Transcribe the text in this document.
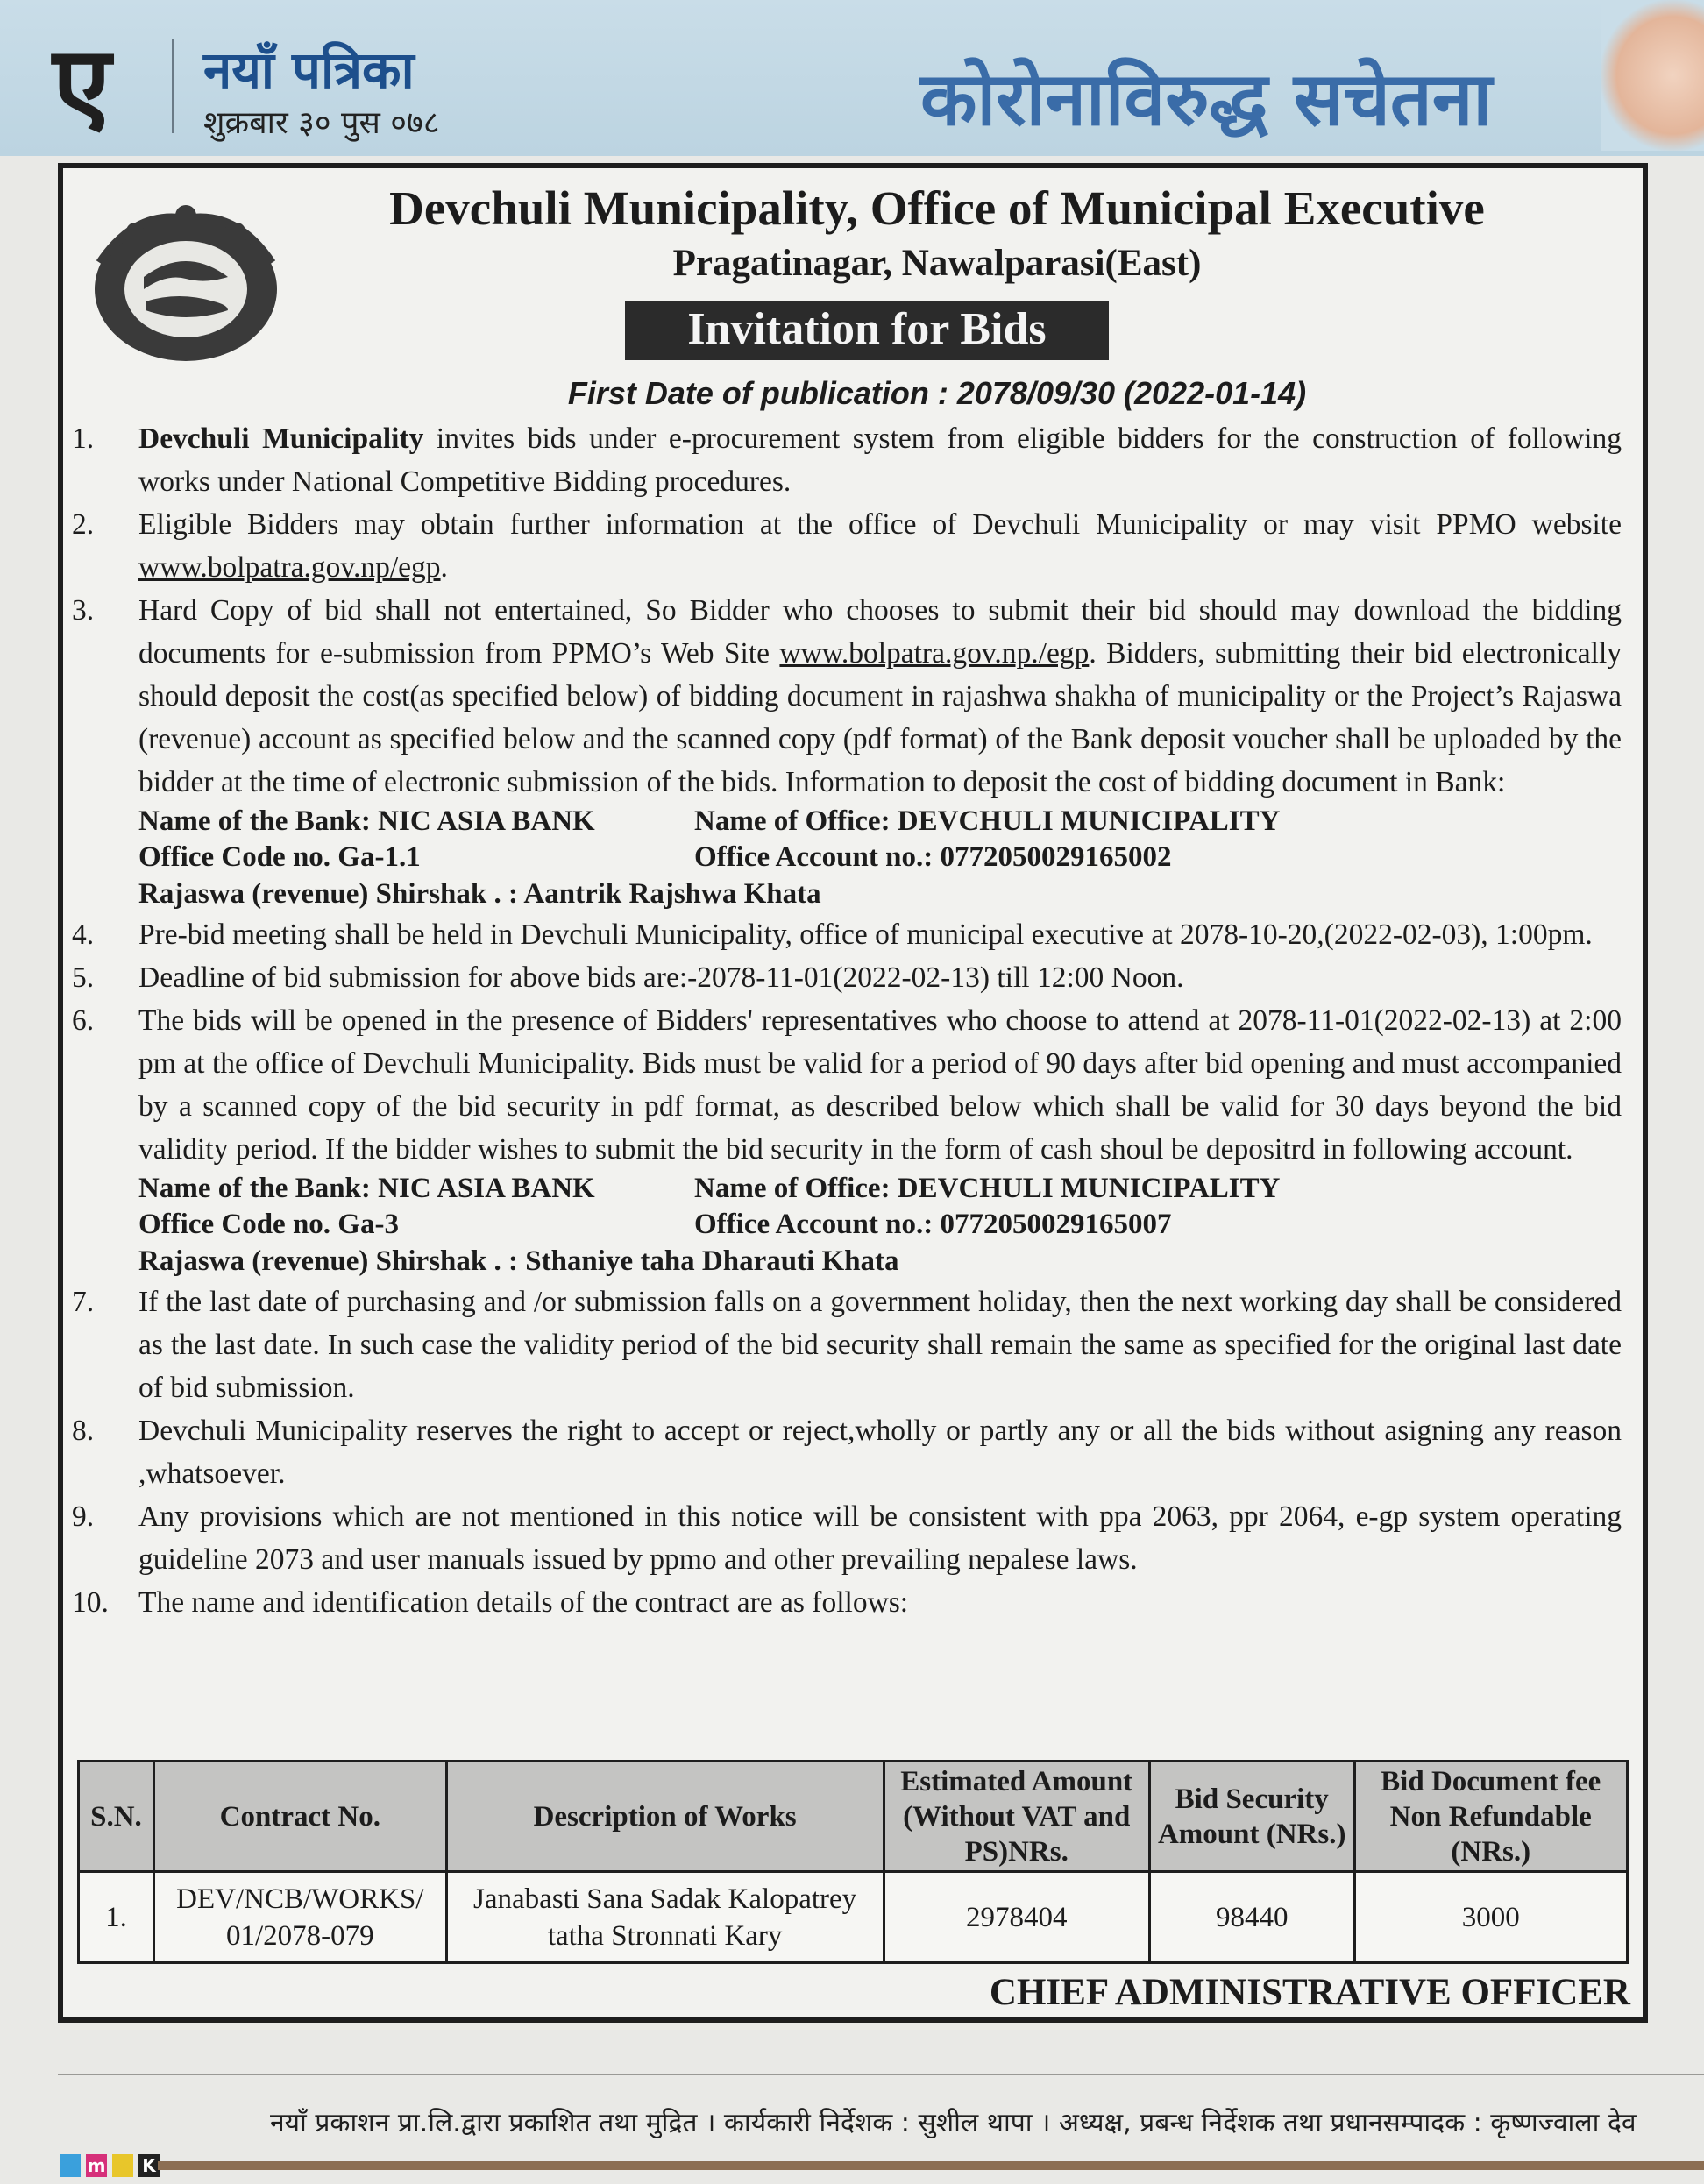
ए	नयाँ पत्रिका
शुक्रबार ३० पुस ०७८	कोरोनाविरुद्ध सचेतना
Devchuli Municipality, Office of Municipal Executive
Pragatinagar, Nawalparasi(East)
Invitation for Bids
First Date of publication : 2078/09/30 (2022-01-14)
1. Devchuli Municipality invites bids under e-procurement system from eligible bidders for the construction of following works under National Competitive Bidding procedures.
2. Eligible Bidders may obtain further information at the office of Devchuli Municipality or may visit PPMO website www.bolpatra.gov.np/egp.
3. Hard Copy of bid shall not entertained, So Bidder who chooses to submit their bid should may download the bidding documents for e-submission from PPMO’s Web Site www.bolpatra.gov.np./egp. Bidders, submitting their bid electronically should deposit the cost(as specified below) of bidding document in rajashwa shakha of municipality or the Project’s Rajaswa (revenue) account as specified below and the scanned copy (pdf format) of the Bank deposit voucher shall be uploaded by the bidder at the time of electronic submission of the bids. Information to deposit the cost of bidding document in Bank:
Name of the Bank: NIC ASIA BANK	Name of Office: DEVCHULI MUNICIPALITY
Office Code no. Ga-1.1	Office Account no.: 0772050029165002
Rajaswa (revenue) Shirshak . : Aantrik Rajshwa Khata
4. Pre-bid meeting shall be held in Devchuli Municipality, office of municipal executive at 2078-10-20,(2022-02-03), 1:00pm.
5. Deadline of bid submission for above bids are:-2078-11-01(2022-02-13) till 12:00 Noon.
6. The bids will be opened in the presence of Bidders' representatives who choose to attend at 2078-11-01(2022-02-13) at 2:00 pm at the office of Devchuli Municipality. Bids must be valid for a period of 90 days after bid opening and must accompanied by a scanned copy of the bid security in pdf format, as described below which shall be valid for 30 days beyond the bid validity period. If the bidder wishes to submit the bid security in the form of cash shoul be depositrd in following account.
Name of the Bank: NIC ASIA BANK	Name of Office: DEVCHULI MUNICIPALITY
Office Code no. Ga-3	Office Account no.: 0772050029165007
Rajaswa (revenue) Shirshak . : Sthaniye taha Dharauti Khata
7. If the last date of purchasing and /or submission falls on a government holiday, then the next working day shall be considered as the last date. In such case the validity period of the bid security shall remain the same as specified for the original last date of bid submission.
8. Devchuli Municipality reserves the right to accept or reject,wholly or partly any or all the bids without asigning any reason ,whatsoever.
9. Any provisions which are not mentioned in this notice will be consistent with ppa 2063, ppr 2064, e-gp system operating guideline 2073 and user manuals issued by ppmo and other prevailing nepalese laws.
10. The name and identification details of the contract are as follows:
S.N.	Contract No.	Description of Works	Estimated Amount (Without VAT and PS)NRs.	Bid Security Amount (NRs.)	Bid Document fee Non Refundable (NRs.)
1.	DEV/NCB/WORKS/ 01/2078-079	Janabasti Sana Sadak Kalopatrey tatha Stronnati Kary	2978404	98440	3000
CHIEF ADMINISTRATIVE OFFICER
नयाँ प्रकाशन प्रा.लि.द्वारा प्रकाशित तथा मुद्रित । कार्यकारी निर्देशक : सुशील थापा । अध्यक्ष, प्रबन्ध निर्देशक तथा प्रधानसम्पादक : कृष्णज्वाला देव
m K
